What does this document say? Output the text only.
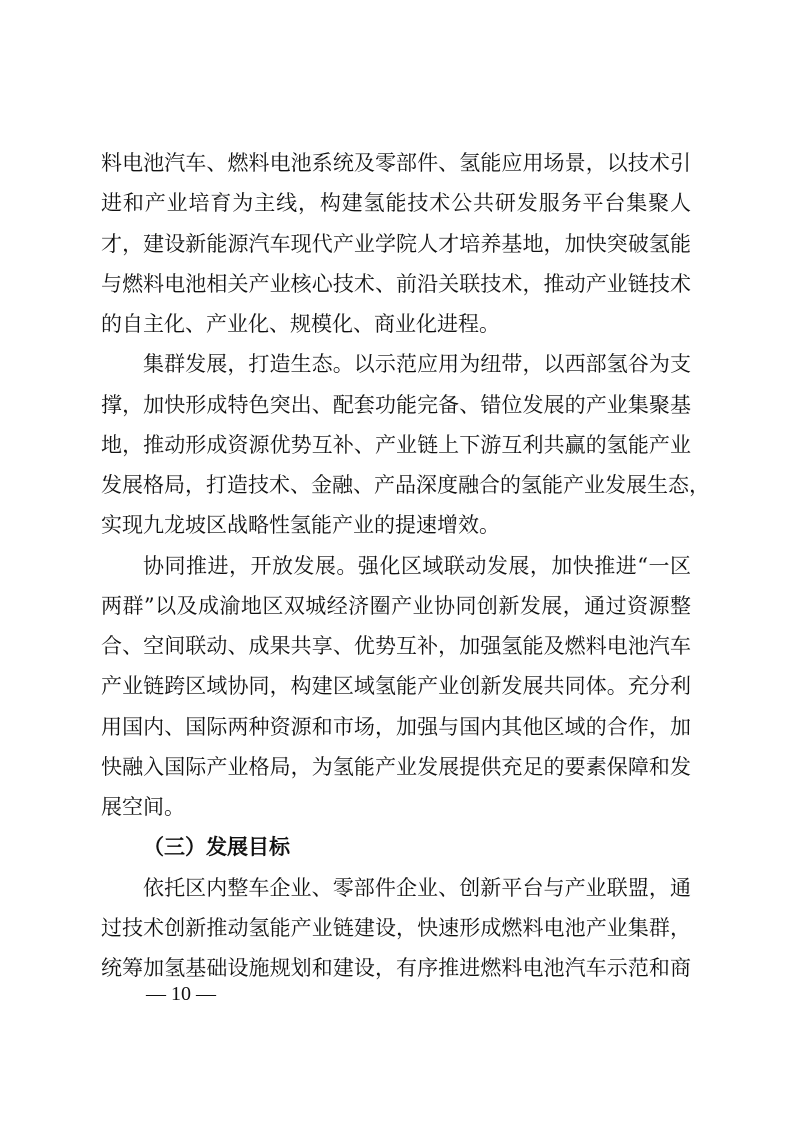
料电池汽车、燃料电池系统及零部件、氢能应用场景，以技术引
进和产业培育为主线，构建氢能技术公共研发服务平台集聚人
才，建设新能源汽车现代产业学院人才培养基地，加快突破氢能
与燃料电池相关产业核心技术、前沿关联技术，推动产业链技术
的自主化、产业化、规模化、商业化进程。
集群发展，打造生态。以示范应用为纽带，以西部氢谷为支
撑，加快形成特色突出、配套功能完备、错位发展的产业集聚基
地，推动形成资源优势互补、产业链上下游互利共赢的氢能产业
发展格局，打造技术、金融、产品深度融合的氢能产业发展生态，
实现九龙坡区战略性氢能产业的提速增效。
协同推进，开放发展。强化区域联动发展，加快推进“一区
两群”以及成渝地区双城经济圈产业协同创新发展，通过资源整
合、空间联动、成果共享、优势互补，加强氢能及燃料电池汽车
产业链跨区域协同，构建区域氢能产业创新发展共同体。充分利
用国内、国际两种资源和市场，加强与国内其他区域的合作，加
快融入国际产业格局，为氢能产业发展提供充足的要素保障和发
展空间。
（三）发展目标
依托区内整车企业、零部件企业、创新平台与产业联盟，通
过技术创新推动氢能产业链建设，快速形成燃料电池产业集群，
统筹加氢基础设施规划和建设，有序推进燃料电池汽车示范和商
— 10 —
